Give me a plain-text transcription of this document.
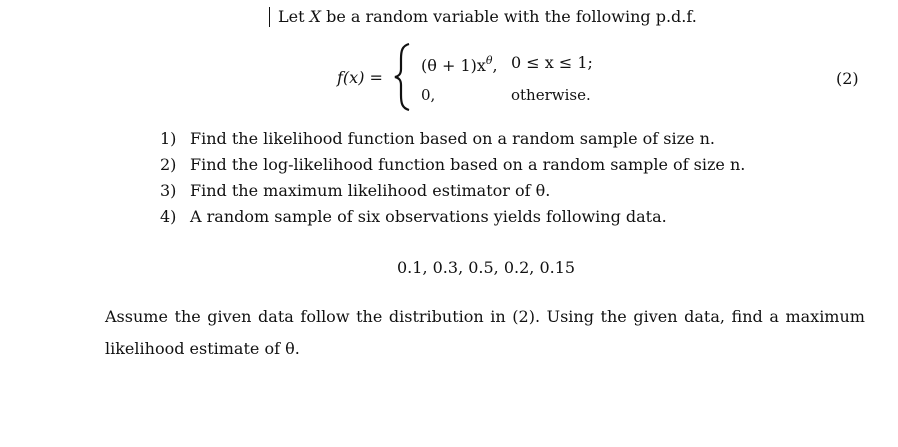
Let X be a random variable with the following p.d.f.
f(x) =
$(\theta + 1)x^\theta$, 0 ≤ x ≤ 1;
0,	otherwise.
(2)
1) Find the likelihood function based on a random sample of size n.
2) Find the log-likelihood function based on a random sample of size n.
3) Find the maximum likelihood estimator of θ.
4) A random sample of six observations yields following data.
0.1, 0.3, 0.5, 0.2, 0.15
Assume the given data follow the distribution in (2). Using the given data, find a maximum
likelihood estimate of θ.
